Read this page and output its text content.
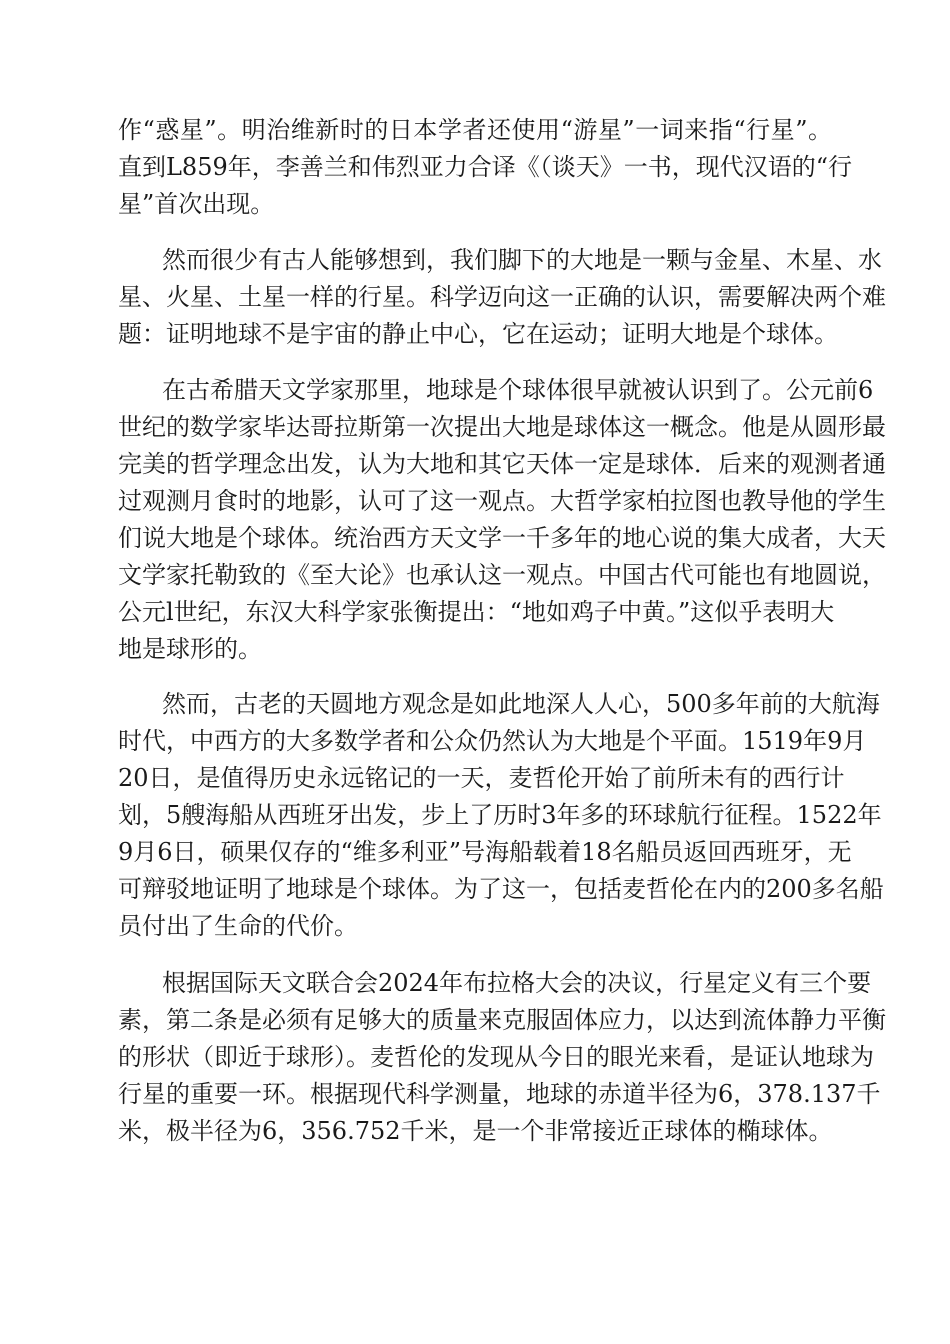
作“惑星”。明治维新时的日本学者还使用“游星”一词来指“行星”。
直到L859年，李善兰和伟烈亚力合译《（谈天》一书，现代汉语的“行
星”首次出现。
然而很少有古人能够想到，我们脚下的大地是一颗与金星、木星、水
星、火星、土星一样的行星。科学迈向这一正确的认识，需要解决两个难
题：证明地球不是宇宙的静止中心，它在运动；证明大地是个球体。
在古希腊天文学家那里，地球是个球体很早就被认识到了。公元前6
世纪的数学家毕达哥拉斯第一次提出大地是球体这一概念。他是从圆形最
完美的哲学理念出发，认为大地和其它天体一定是球体．后来的观测者通
过观测月食时的地影，认可了这一观点。大哲学家柏拉图也教导他的学生
们说大地是个球体。统治西方天文学一千多年的地心说的集大成者，大天
文学家托勒致的《至大论》也承认这一观点。中国古代可能也有地圆说，
公元l世纪，东汉大科学家张衡提出：“地如鸡子中黄。”这似乎表明大
地是球形的。
然而，古老的天圆地方观念是如此地深人人心，500多年前的大航海
时代，中西方的大多数学者和公众仍然认为大地是个平面。1519年9月
20日，是值得历史永远铭记的一天，麦哲伦开始了前所未有的西行计
划，5艘海船从西班牙出发，步上了历时3年多的环球航行征程。1522年
9月6日，硕果仅存的“维多利亚”号海船载着18名船员返回西班牙，无
可辩驳地证明了地球是个球体。为了这一，包括麦哲伦在内的200多名船
员付出了生命的代价。
根据国际天文联合会2024年布拉格大会的决议，行星定义有三个要
素，第二条是必须有足够大的质量来克服固体应力，以达到流体静力平衡
的形状（即近于球形）。麦哲伦的发现从今日的眼光来看，是证认地球为
行星的重要一环。根据现代科学测量，地球的赤道半径为6，378.137千
米，极半径为6，356.752千米，是一个非常接近正球体的椭球体。
